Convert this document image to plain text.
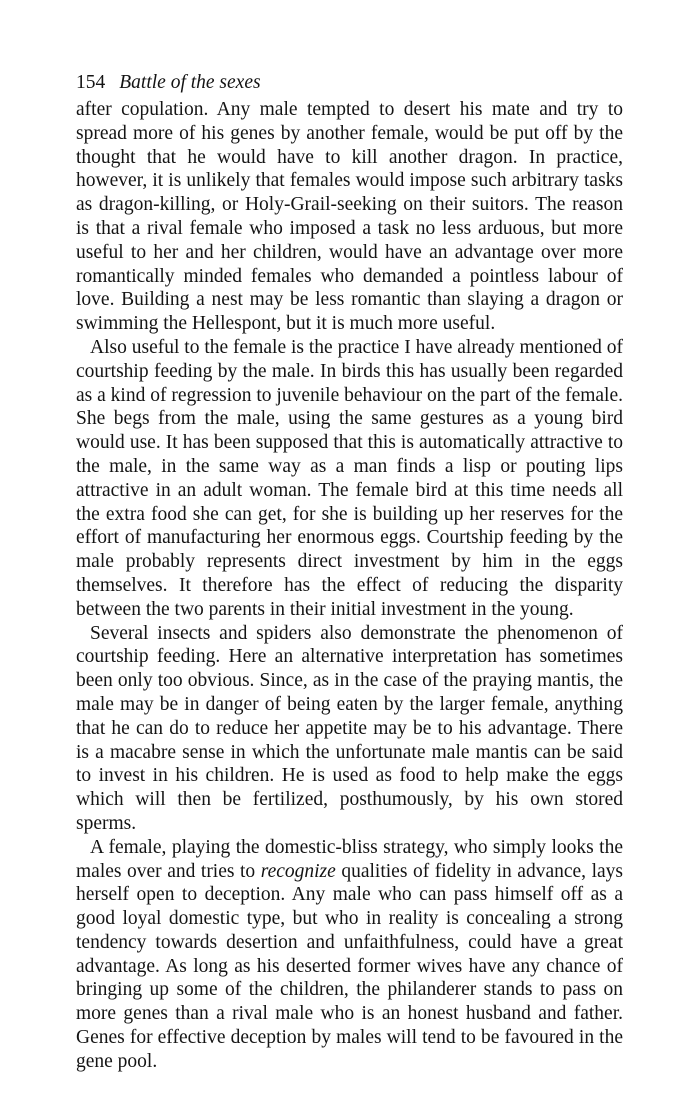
154 Battle of the sexes

after copulation. Any male tempted to desert his mate and try to spread more of his genes by another female, would be put off by the thought that he would have to kill another dragon. In practice, however, it is unlikely that females would impose such arbitrary tasks as dragon-killing, or Holy-Grail-seeking on their suitors. The reason is that a rival female who imposed a task no less arduous, but more useful to her and her children, would have an advantage over more romantically minded females who demanded a pointless labour of love. Building a nest may be less romantic than slaying a dragon or swimming the Hellespont, but it is much more useful.

Also useful to the female is the practice I have already mentioned of courtship feeding by the male. In birds this has usually been regarded as a kind of regression to juvenile behaviour on the part of the female. She begs from the male, using the same gestures as a young bird would use. It has been supposed that this is automatically attractive to the male, in the same way as a man finds a lisp or pouting lips attractive in an adult woman. The female bird at this time needs all the extra food she can get, for she is building up her reserves for the effort of manufacturing her enormous eggs. Courtship feeding by the male probably represents direct investment by him in the eggs themselves. It therefore has the effect of reducing the disparity between the two parents in their initial investment in the young.

Several insects and spiders also demonstrate the phenomenon of courtship feeding. Here an alternative interpretation has sometimes been only too obvious. Since, as in the case of the praying mantis, the male may be in danger of being eaten by the larger female, anything that he can do to reduce her appetite may be to his advantage. There is a macabre sense in which the unfortunate male mantis can be said to invest in his children. He is used as food to help make the eggs which will then be fertilized, posthumously, by his own stored sperms.

A female, playing the domestic-bliss strategy, who simply looks the males over and tries to recognize qualities of fidelity in advance, lays herself open to deception. Any male who can pass himself off as a good loyal domestic type, but who in reality is concealing a strong tendency towards desertion and unfaithfulness, could have a great advantage. As long as his deserted former wives have any chance of bringing up some of the children, the philanderer stands to pass on more genes than a rival male who is an honest husband and father. Genes for effective deception by males will tend to be favoured in the gene pool.
